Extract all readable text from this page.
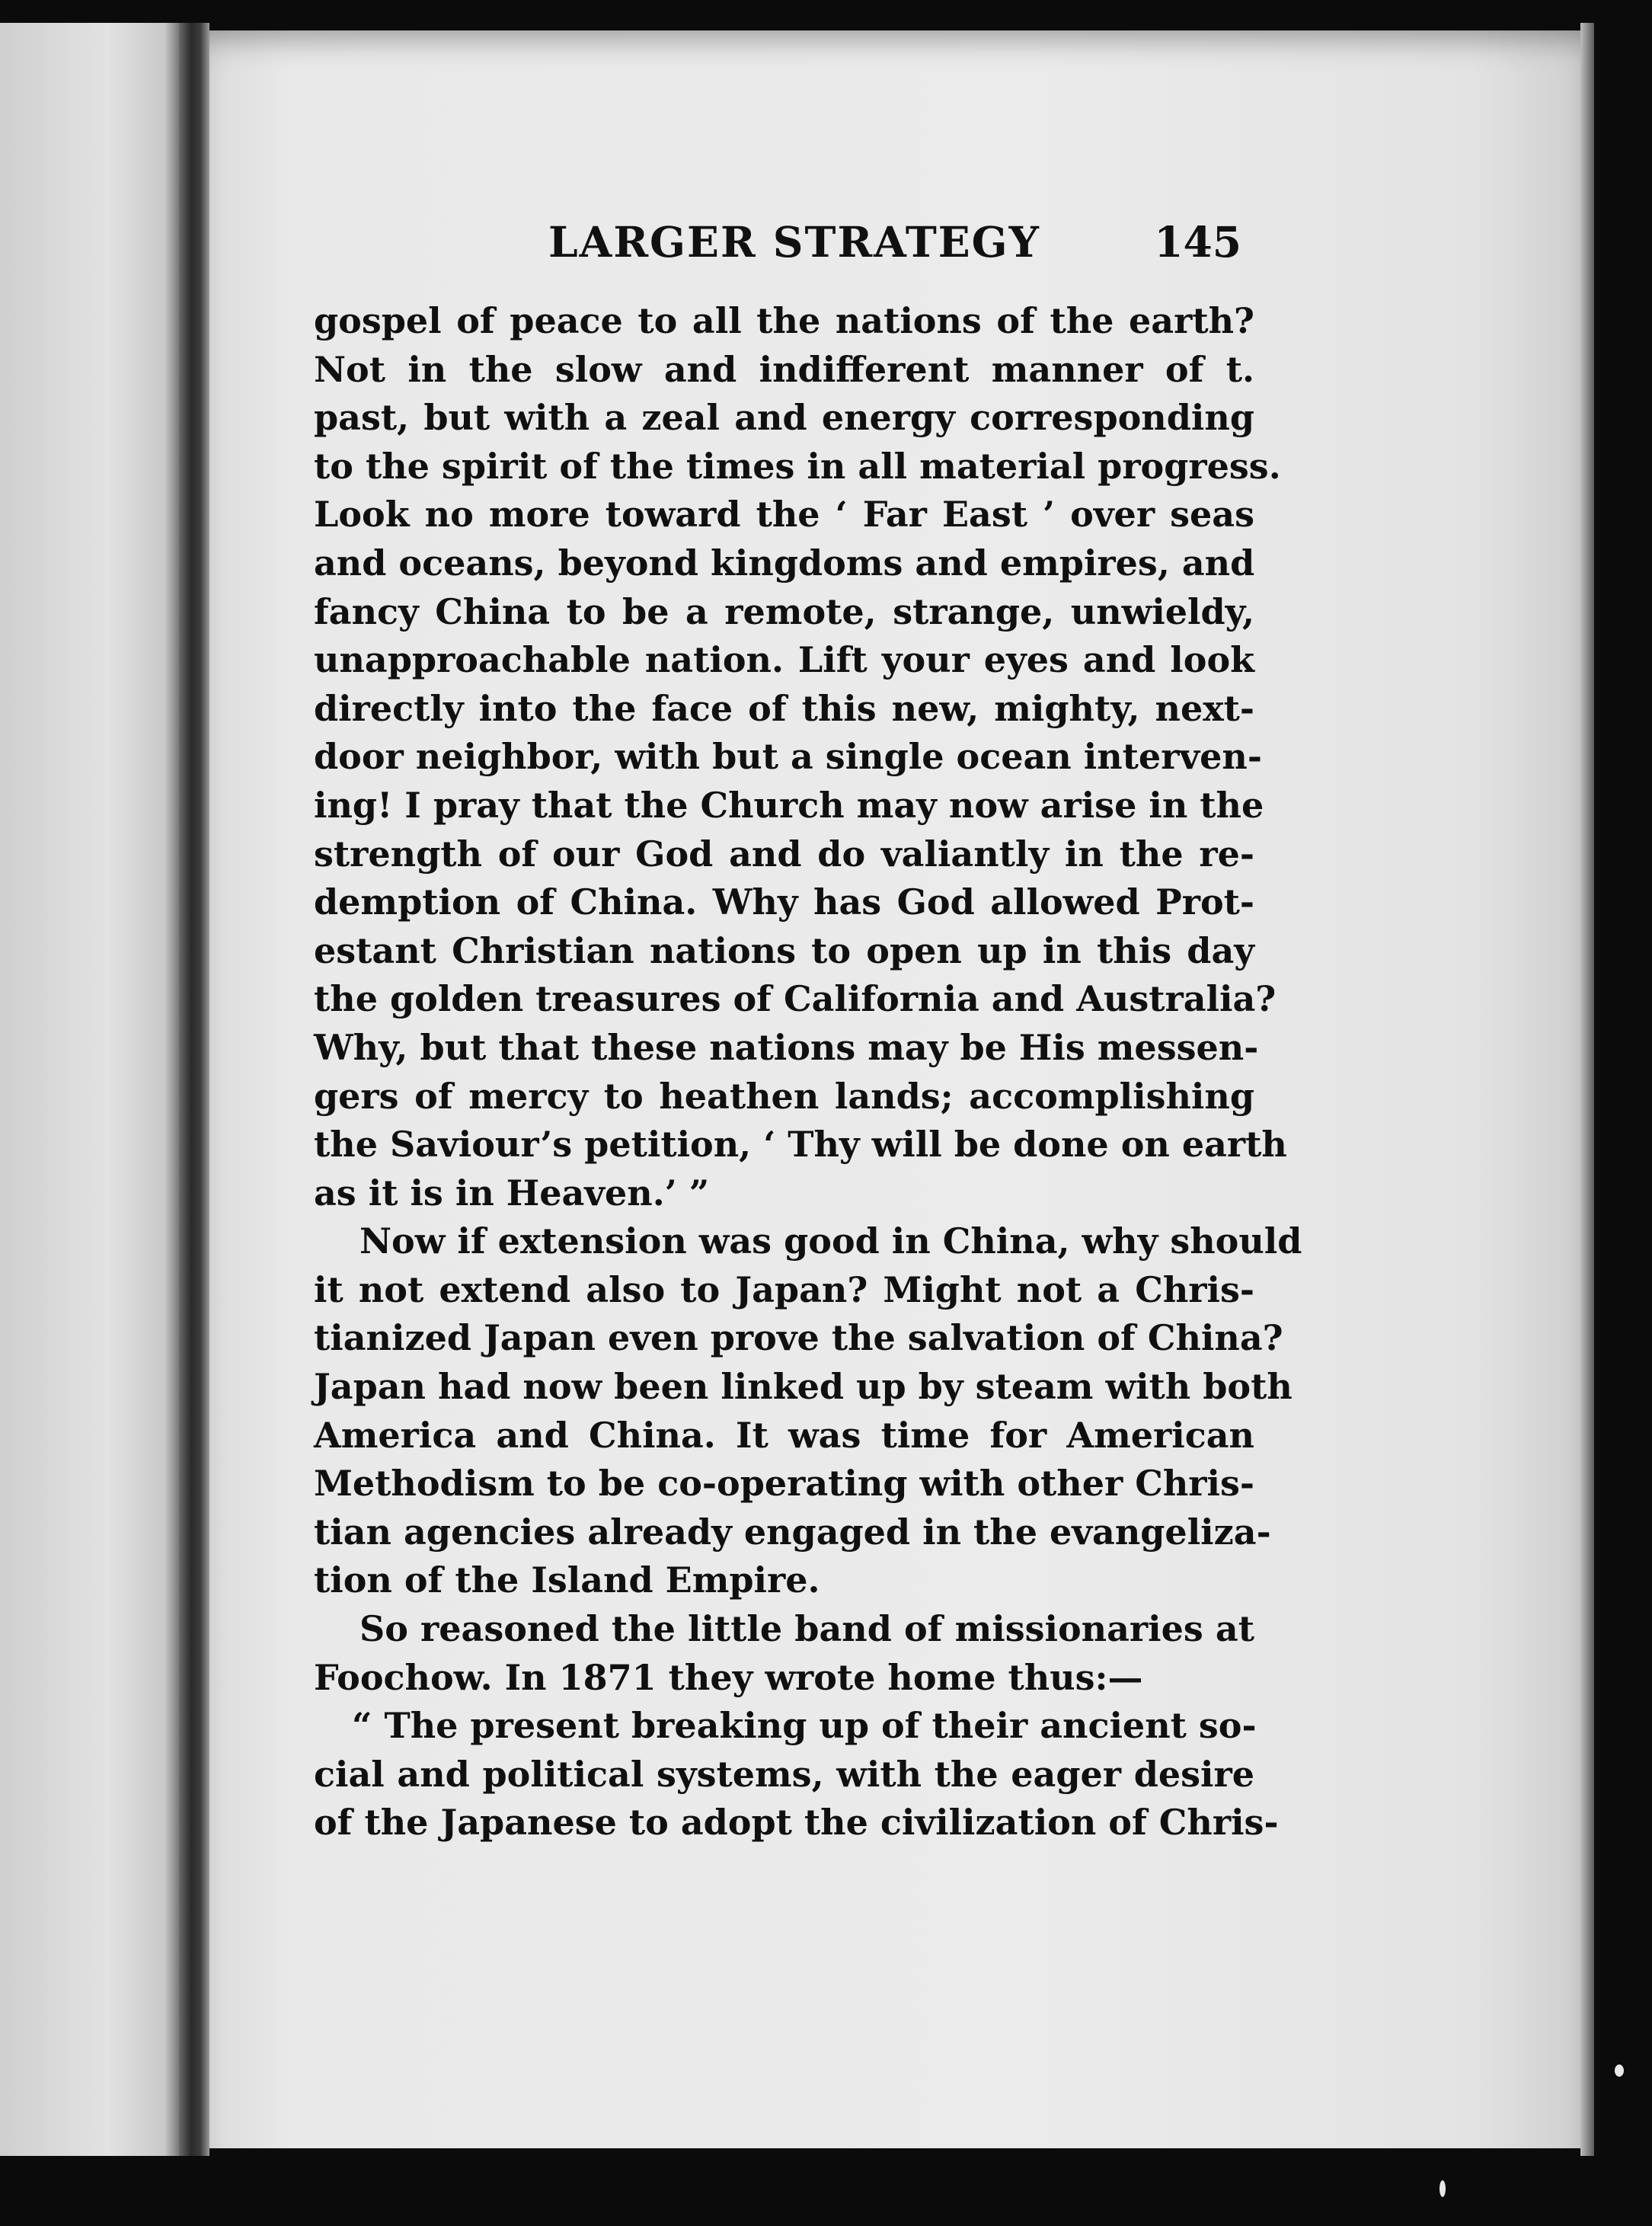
LARGER STRATEGY	145
gospel of peace to all the nations of the earth?
Not in the slow and indifferent manner of t.
past, but with a zeal and energy corresponding
to the spirit of the times in all material progress.
Look no more toward the ‘ Far East ’ over seas
and oceans, beyond kingdoms and empires, and
fancy China to be a remote, strange, unwieldy,
unapproachable nation. Lift your eyes and look
directly into the face of this new, mighty, next-
door neighbor, with but a single ocean interven-
ing! I pray that the Church may now arise in the
strength of our God and do valiantly in the re-
demption of China. Why has God allowed Prot-
estant Christian nations to open up in this day
the golden treasures of California and Australia?
Why, but that these nations may be His messen-
gers of mercy to heathen lands; accomplishing
the Saviour’s petition, ‘ Thy will be done on earth
as it is in Heaven.’ ”
Now if extension was good in China, why should
it not extend also to Japan? Might not a Chris-
tianized Japan even prove the salvation of China?
Japan had now been linked up by steam with both
America and China. It was time for American
Methodism to be co-operating with other Chris-
tian agencies already engaged in the evangeliza-
tion of the Island Empire.
So reasoned the little band of missionaries at
Foochow. In 1871 they wrote home thus:—
“ The present breaking up of their ancient so-
cial and political systems, with the eager desire
of the Japanese to adopt the civilization of Chris-
